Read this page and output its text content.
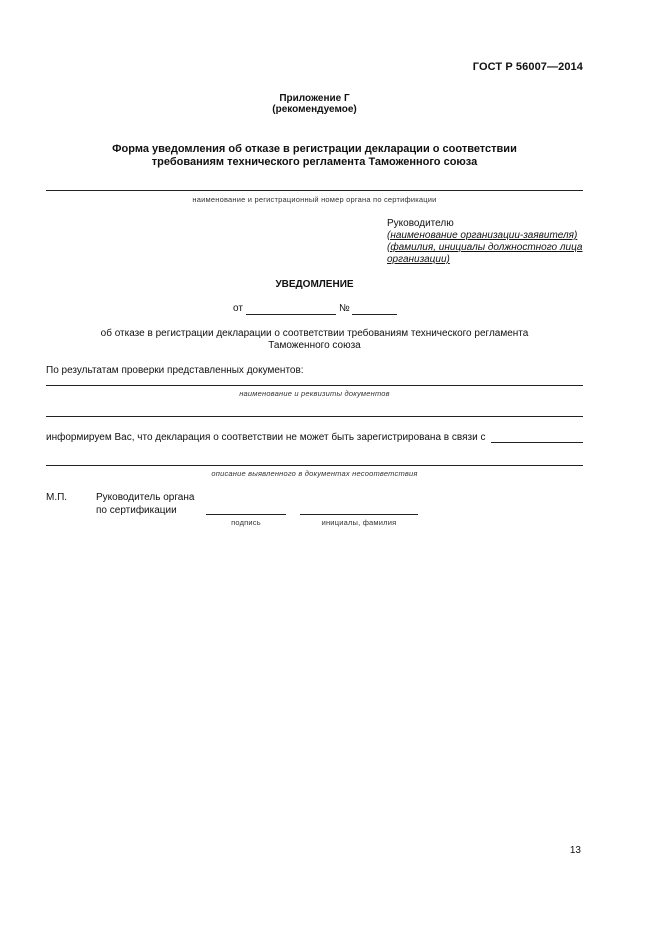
ГОСТ Р 56007—2014
Приложение Г
(рекомендуемое)
Форма уведомления об отказе в регистрации декларации о соответствии
требованиям технического регламента Таможенного союза
наименование и регистрационный номер органа по сертификации
Руководителю
(наименование организации-заявителя)
(фамилия, инициалы должностного лица
организации)
УВЕДОМЛЕНИЕ
от	№
об отказе в регистрации декларации о соответствии требованиям технического регламента
Таможенного союза
По результатам проверки представленных документов:
наименование и реквизиты документов
информируем Вас, что декларация о соответствии не может быть зарегистрирована в связи с
описание выявленного в документах несоответствия
М.П.	Руководитель органа
по сертификации
подпись	инициалы, фамилия
13
